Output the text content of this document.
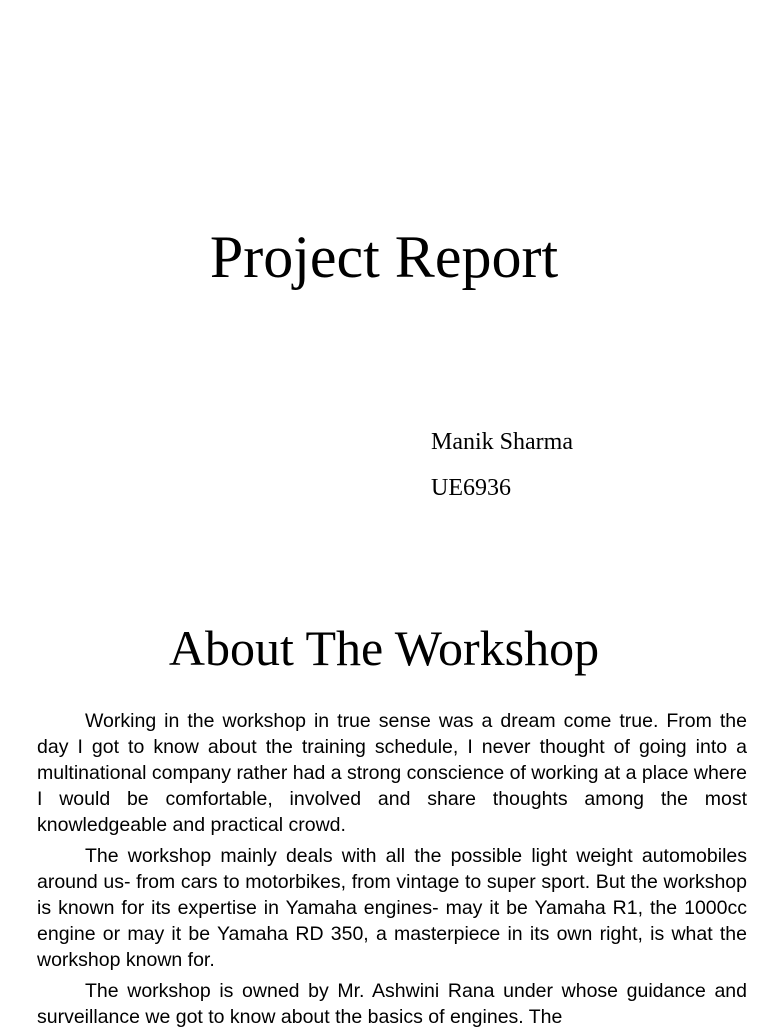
Project Report

Manik Sharma

UE6936

About The Workshop

Working in the workshop in true sense was a dream come true. From the day I got to know about the training schedule, I never thought of going into a multinational company rather had a strong conscience of working at a place where I would be comfortable, involved and share thoughts among the most knowledgeable and practical crowd.

The workshop mainly deals with all the possible light weight automobiles around us- from cars to motorbikes, from vintage to super sport. But the workshop is known for its expertise in Yamaha engines- may it be Yamaha R1, the 1000cc engine or may it be Yamaha RD 350, a masterpiece in its own right, is what the workshop known for.

The workshop is owned by Mr. Ashwini Rana under whose guidance and surveillance we got to know about the basics of engines. The
